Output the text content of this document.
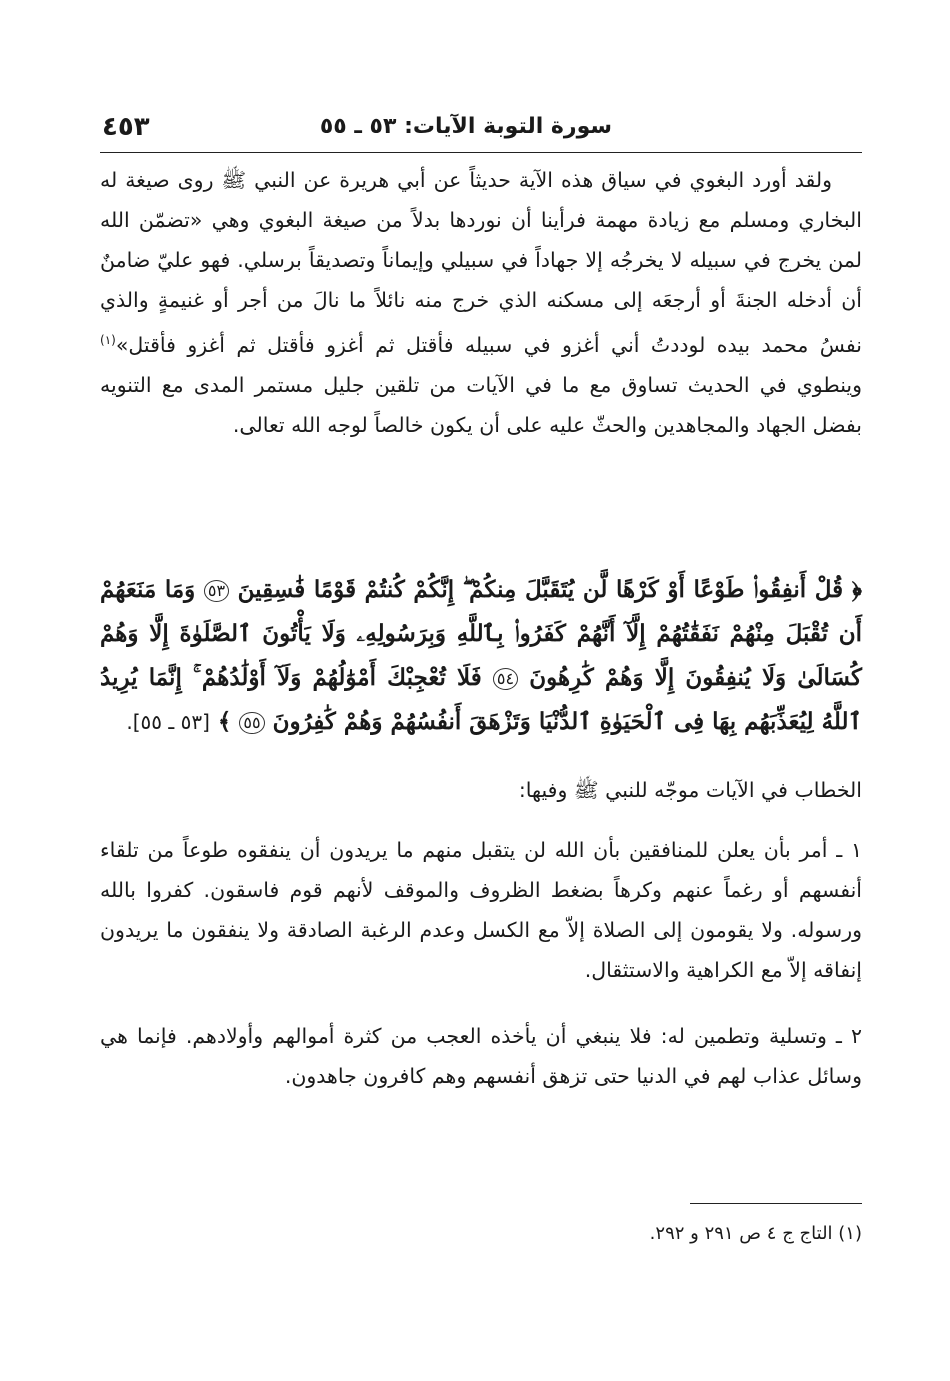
سورة التوبة الآيات: ٥٣ ـ ٥٥
٤٥٣
ولقد أورد البغوي في سياق هذه الآية حديثاً عن أبي هريرة عن النبي ﷺ روى صيغة له البخاري ومسلم مع زيادة مهمة فرأينا أن نوردها بدلاً من صيغة البغوي وهي «تضمّن الله لمن يخرج في سبيله لا يخرجُه إلا جهاداً في سبيلي وإيماناً وتصديقاً برسلي. فهو عليّ ضامنٌ أن أدخله الجنةَ أو أرجعَه إلى مسكنه الذي خرج منه نائلاً ما نالَ من أجر أو غنيمةٍ والذي نفسُ محمد بيده لوددتُ أني أغزو في سبيله فأقتل ثم أغزو فأقتل ثم أغزو فأقتل»$^{(١)}$ وينطوي في الحديث تساوق مع ما في الآيات من تلقين جليل مستمر المدى مع التنويه بفضل الجهاد والمجاهدين والحثّ عليه على أن يكون خالصاً لوجه الله تعالى.
﴿ قُلْ أَنفِقُوا۟ طَوْعًا أَوْ كَرْهًا لَّن يُتَقَبَّلَ مِنكُمْ ۖ إِنَّكُمْ كُنتُمْ قَوْمًا فَٰسِقِينَ ٥٣ وَمَا مَنَعَهُمْ أَن تُقْبَلَ مِنْهُمْ نَفَقَٰتُهُمْ إِلَّآ أَنَّهُمْ كَفَرُوا۟ بِٱللَّهِ وَبِرَسُولِهِۦ وَلَا يَأْتُونَ ٱلصَّلَوٰةَ إِلَّا وَهُمْ كُسَالَىٰ وَلَا يُنفِقُونَ إِلَّا وَهُمْ كَٰرِهُونَ ٥٤ فَلَا تُعْجِبْكَ أَمْوَٰلُهُمْ وَلَآ أَوْلَٰدُهُمْ ۚ إِنَّمَا يُرِيدُ ٱللَّهُ لِيُعَذِّبَهُم بِهَا فِى ٱلْحَيَوٰةِ ٱلدُّنْيَا وَتَزْهَقَ أَنفُسُهُمْ وَهُمْ كَٰفِرُونَ ٥٥ ﴾ [٥٣ ـ ٥٥].
الخطاب في الآيات موجّه للنبي ﷺ وفيها:
١ ـ أمر بأن يعلن للمنافقين بأن الله لن يتقبل منهم ما يريدون أن ينفقوه طوعاً من تلقاء أنفسهم أو رغماً عنهم وكرهاً بضغط الظروف والموقف لأنهم قوم فاسقون. كفروا بالله ورسوله. ولا يقومون إلى الصلاة إلاّ مع الكسل وعدم الرغبة الصادقة ولا ينفقون ما يريدون إنفاقه إلاّ مع الكراهية والاستثقال.
٢ ـ وتسلية وتطمين له: فلا ينبغي أن يأخذه العجب من كثرة أموالهم وأولادهم. فإنما هي وسائل عذاب لهم في الدنيا حتى تزهق أنفسهم وهم كافرون جاهدون.
(١) التاج ج ٤ ص ٢٩١ و ٢٩٢.
